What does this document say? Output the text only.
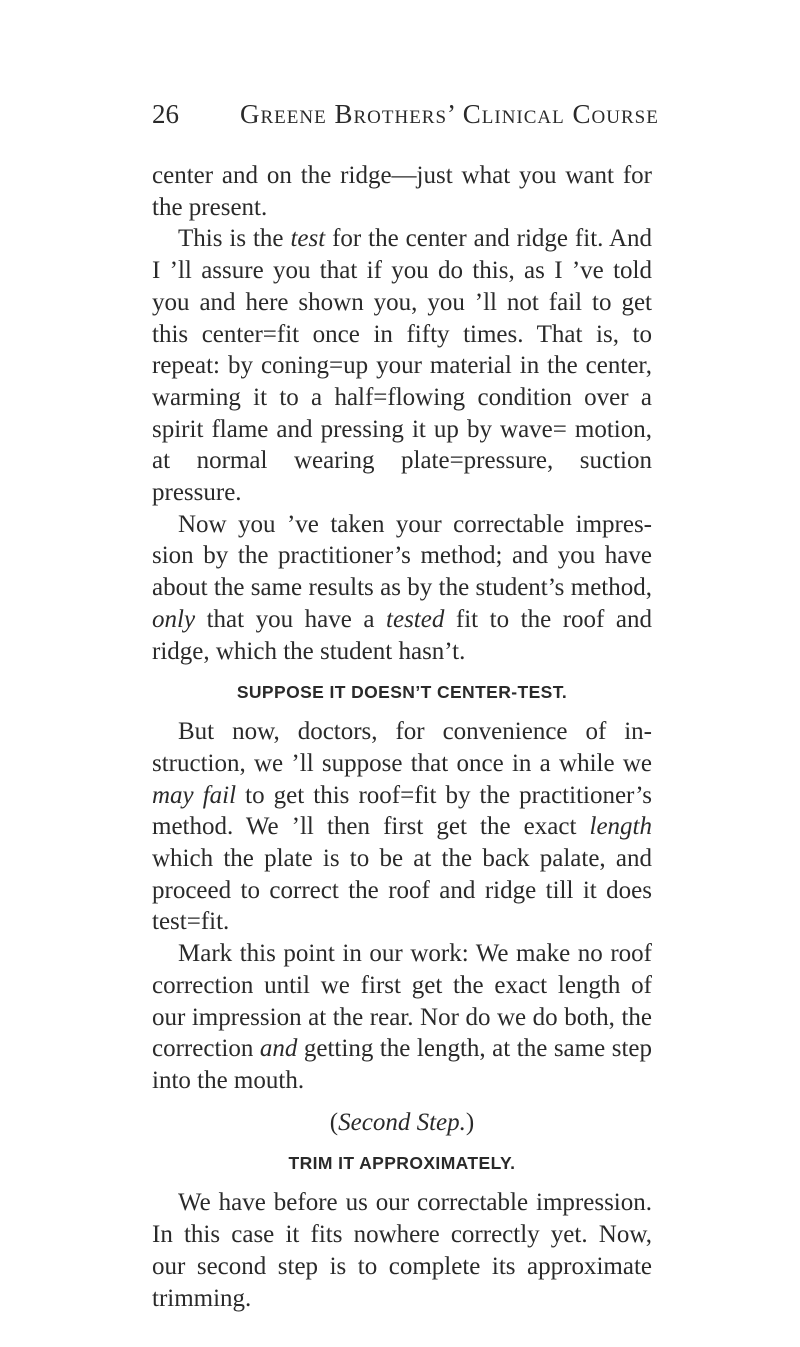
26 Greene Brothers’ Clinical Course

center and on the ridge—just what you want for the present.

This is the test for the center and ridge fit. And I ’ll assure you that if you do this, as I ’ve told you and here shown you, you ’ll not fail to get this center=fit once in fifty times. That is, to repeat: by coning=up your material in the center, warming it to a half=flowing condition over a spirit flame and pressing it up by wave= motion, at normal wearing plate=pressure, suction pressure.

Now you ’ve taken your correctable impression by the practitioner’s method; and you have about the same results as by the student’s method, only that you have a tested fit to the roof and ridge, which the student hasn’t.

SUPPOSE IT DOESN’T CENTER-TEST.

But now, doctors, for convenience of instruction, we ’ll suppose that once in a while we may fail to get this roof=fit by the practitioner’s method. We ’ll then first get the exact length which the plate is to be at the back palate, and proceed to correct the roof and ridge till it does test=fit.

Mark this point in our work: We make no roof correction until we first get the exact length of our impression at the rear. Nor do we do both, the correction and getting the length, at the same step into the mouth.

(Second Step.)
TRIM IT APPROXIMATELY.

We have before us our correctable impression. In this case it fits nowhere correctly yet. Now, our second step is to complete its approximate trimming.
